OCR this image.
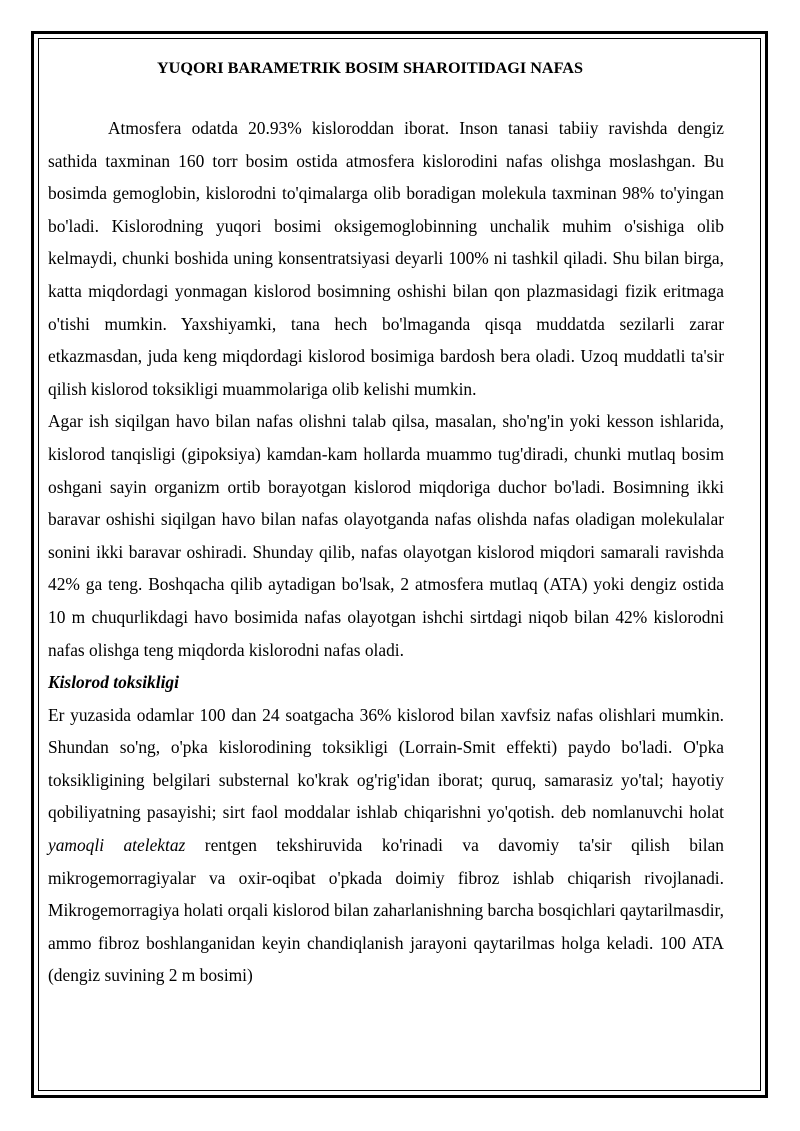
YUQORI BARAMETRIK BOSIM SHAROITIDAGI NAFAS

Atmosfera odatda 20.93% kisloroddan iborat. Inson tanasi tabiiy ravishda dengiz sathida taxminan 160 torr bosim ostida atmosfera kislorodini nafas olishga moslashgan. Bu bosimda gemoglobin, kislorodni to'qimalarga olib boradigan molekula taxminan 98% to'yingan bo'ladi. Kislorodning yuqori bosimi oksigemoglobinning unchalik muhim o'sishiga olib kelmaydi, chunki boshida uning konsentratsiyasi deyarli 100% ni tashkil qiladi. Shu bilan birga, katta miqdordagi yonmagan kislorod bosimning oshishi bilan qon plazmasidagi fizik eritmaga o'tishi mumkin. Yaxshiyamki, tana hech bo'lmaganda qisqa muddatda sezilarli zarar etkazmasdan, juda keng miqdordagi kislorod bosimiga bardosh bera oladi. Uzoq muddatli ta'sir qilish kislorod toksikligi muammolariga olib kelishi mumkin.

Agar ish siqilgan havo bilan nafas olishni talab qilsa, masalan, sho'ng'in yoki kesson ishlarida, kislorod tanqisligi (gipoksiya) kamdan-kam hollarda muammo tug'diradi, chunki mutlaq bosim oshgani sayin organizm ortib borayotgan kislorod miqdoriga duchor bo'ladi. Bosimning ikki baravar oshishi siqilgan havo bilan nafas olayotganda nafas olishda nafas oladigan molekulalar sonini ikki baravar oshiradi. Shunday qilib, nafas olayotgan kislorod miqdori samarali ravishda 42% ga teng. Boshqacha qilib aytadigan bo'lsak, 2 atmosfera mutlaq (ATA) yoki dengiz ostida 10 m chuqurlikdagi havo bosimida nafas olayotgan ishchi sirtdagi niqob bilan 42% kislorodni nafas olishga teng miqdorda kislorodni nafas oladi.

Kislorod toksikligi

Er yuzasida odamlar 100 dan 24 soatgacha 36% kislorod bilan xavfsiz nafas olishlari mumkin. Shundan so'ng, o'pka kislorodining toksikligi (Lorrain-Smit effekti) paydo bo'ladi. O'pka toksikligining belgilari substernal ko'krak og'rig'idan iborat; quruq, samarasiz yo'tal; hayotiy qobiliyatning pasayishi; sirt faol moddalar ishlab chiqarishni yo'qotish. deb nomlanuvchi holat yamoqli atelektaz rentgen tekshiruvida ko'rinadi va davomiy ta'sir qilish bilan mikrogemorragiyalar va oxir-oqibat o'pkada doimiy fibroz ishlab chiqarish rivojlanadi. Mikrogemorragiya holati orqali kislorod bilan zaharlanishning barcha bosqichlari qaytarilmasdir, ammo fibroz boshlanganidan keyin chandiqlanish jarayoni qaytarilmas holga keladi. 100 ATA (dengiz suvining 2 m bosimi)
